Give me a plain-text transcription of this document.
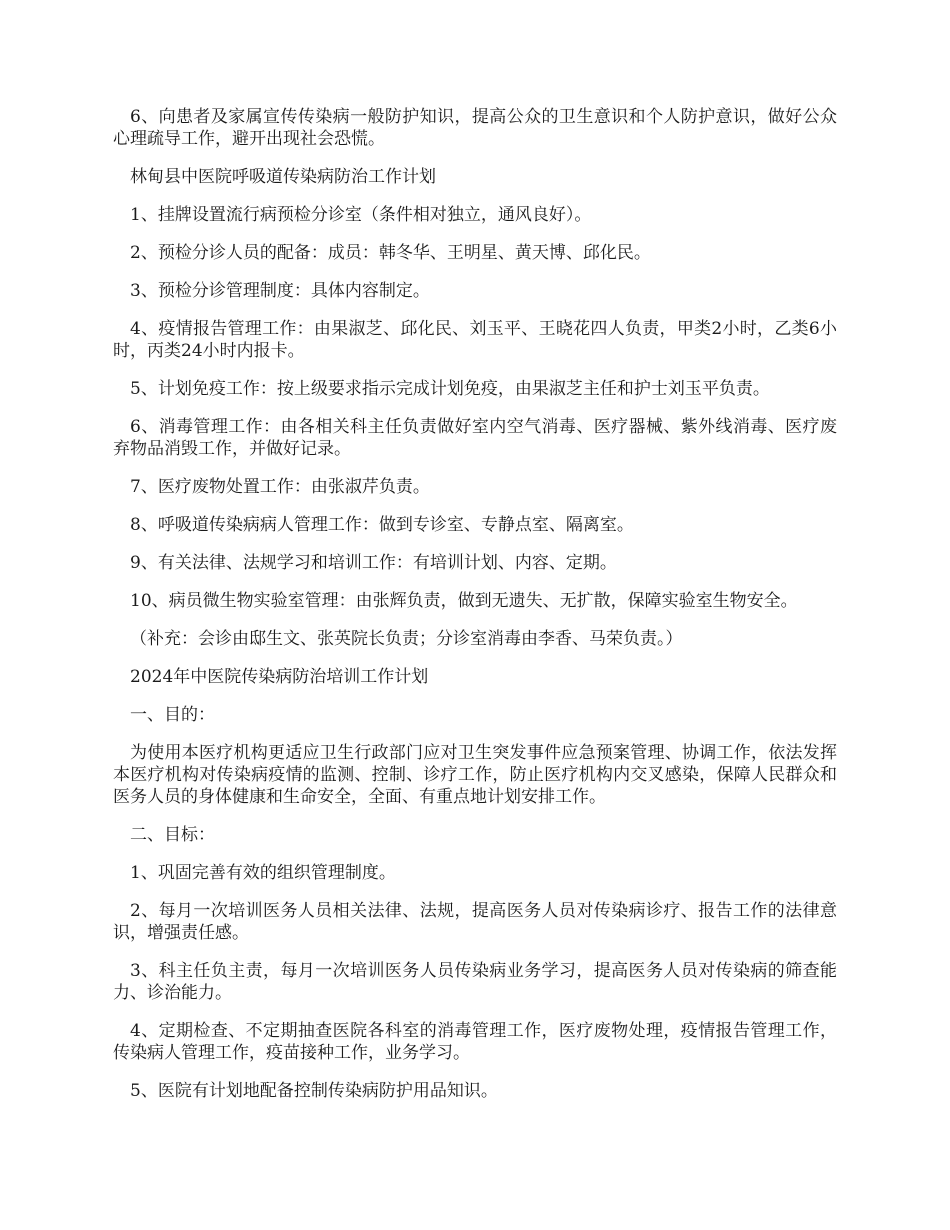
6、向患者及家属宣传传染病一般防护知识，提高公众的卫生意识和个人防护意识，做好公众心理疏导工作，避开出现社会恐慌。

林甸县中医院呼吸道传染病防治工作计划

1、挂牌设置流行病预检分诊室（条件相对独立，通风良好）。

2、预检分诊人员的配备：成员：韩冬华、王明星、黄天博、邱化民。

3、预检分诊管理制度：具体内容制定。

4、疫情报告管理工作：由果淑芝、邱化民、刘玉平、王晓花四人负责，甲类2小时，乙类6小时，丙类24小时内报卡。

5、计划免疫工作：按上级要求指示完成计划免疫，由果淑芝主任和护士刘玉平负责。

6、消毒管理工作：由各相关科主任负责做好室内空气消毒、医疗器械、紫外线消毒、医疗废弃物品消毁工作，并做好记录。

7、医疗废物处置工作：由张淑芹负责。

8、呼吸道传染病病人管理工作：做到专诊室、专静点室、隔离室。

9、有关法律、法规学习和培训工作：有培训计划、内容、定期。

10、病员微生物实验室管理：由张辉负责，做到无遗失、无扩散，保障实验室生物安全。

（补充：会诊由邸生文、张英院长负责；分诊室消毒由李香、马荣负责。）

2024年中医院传染病防治培训工作计划

一、目的：

为使用本医疗机构更适应卫生行政部门应对卫生突发事件应急预案管理、协调工作，依法发挥本医疗机构对传染病疫情的监测、控制、诊疗工作，防止医疗机构内交叉感染，保障人民群众和医务人员的身体健康和生命安全，全面、有重点地计划安排工作。

二、目标：

1、巩固完善有效的组织管理制度。

2、每月一次培训医务人员相关法律、法规，提高医务人员对传染病诊疗、报告工作的法律意识，增强责任感。

3、科主任负主责，每月一次培训医务人员传染病业务学习，提高医务人员对传染病的筛查能力、诊治能力。

4、定期检查、不定期抽查医院各科室的消毒管理工作，医疗废物处理，疫情报告管理工作，传染病人管理工作，疫苗接种工作，业务学习。

5、医院有计划地配备控制传染病防护用品知识。
